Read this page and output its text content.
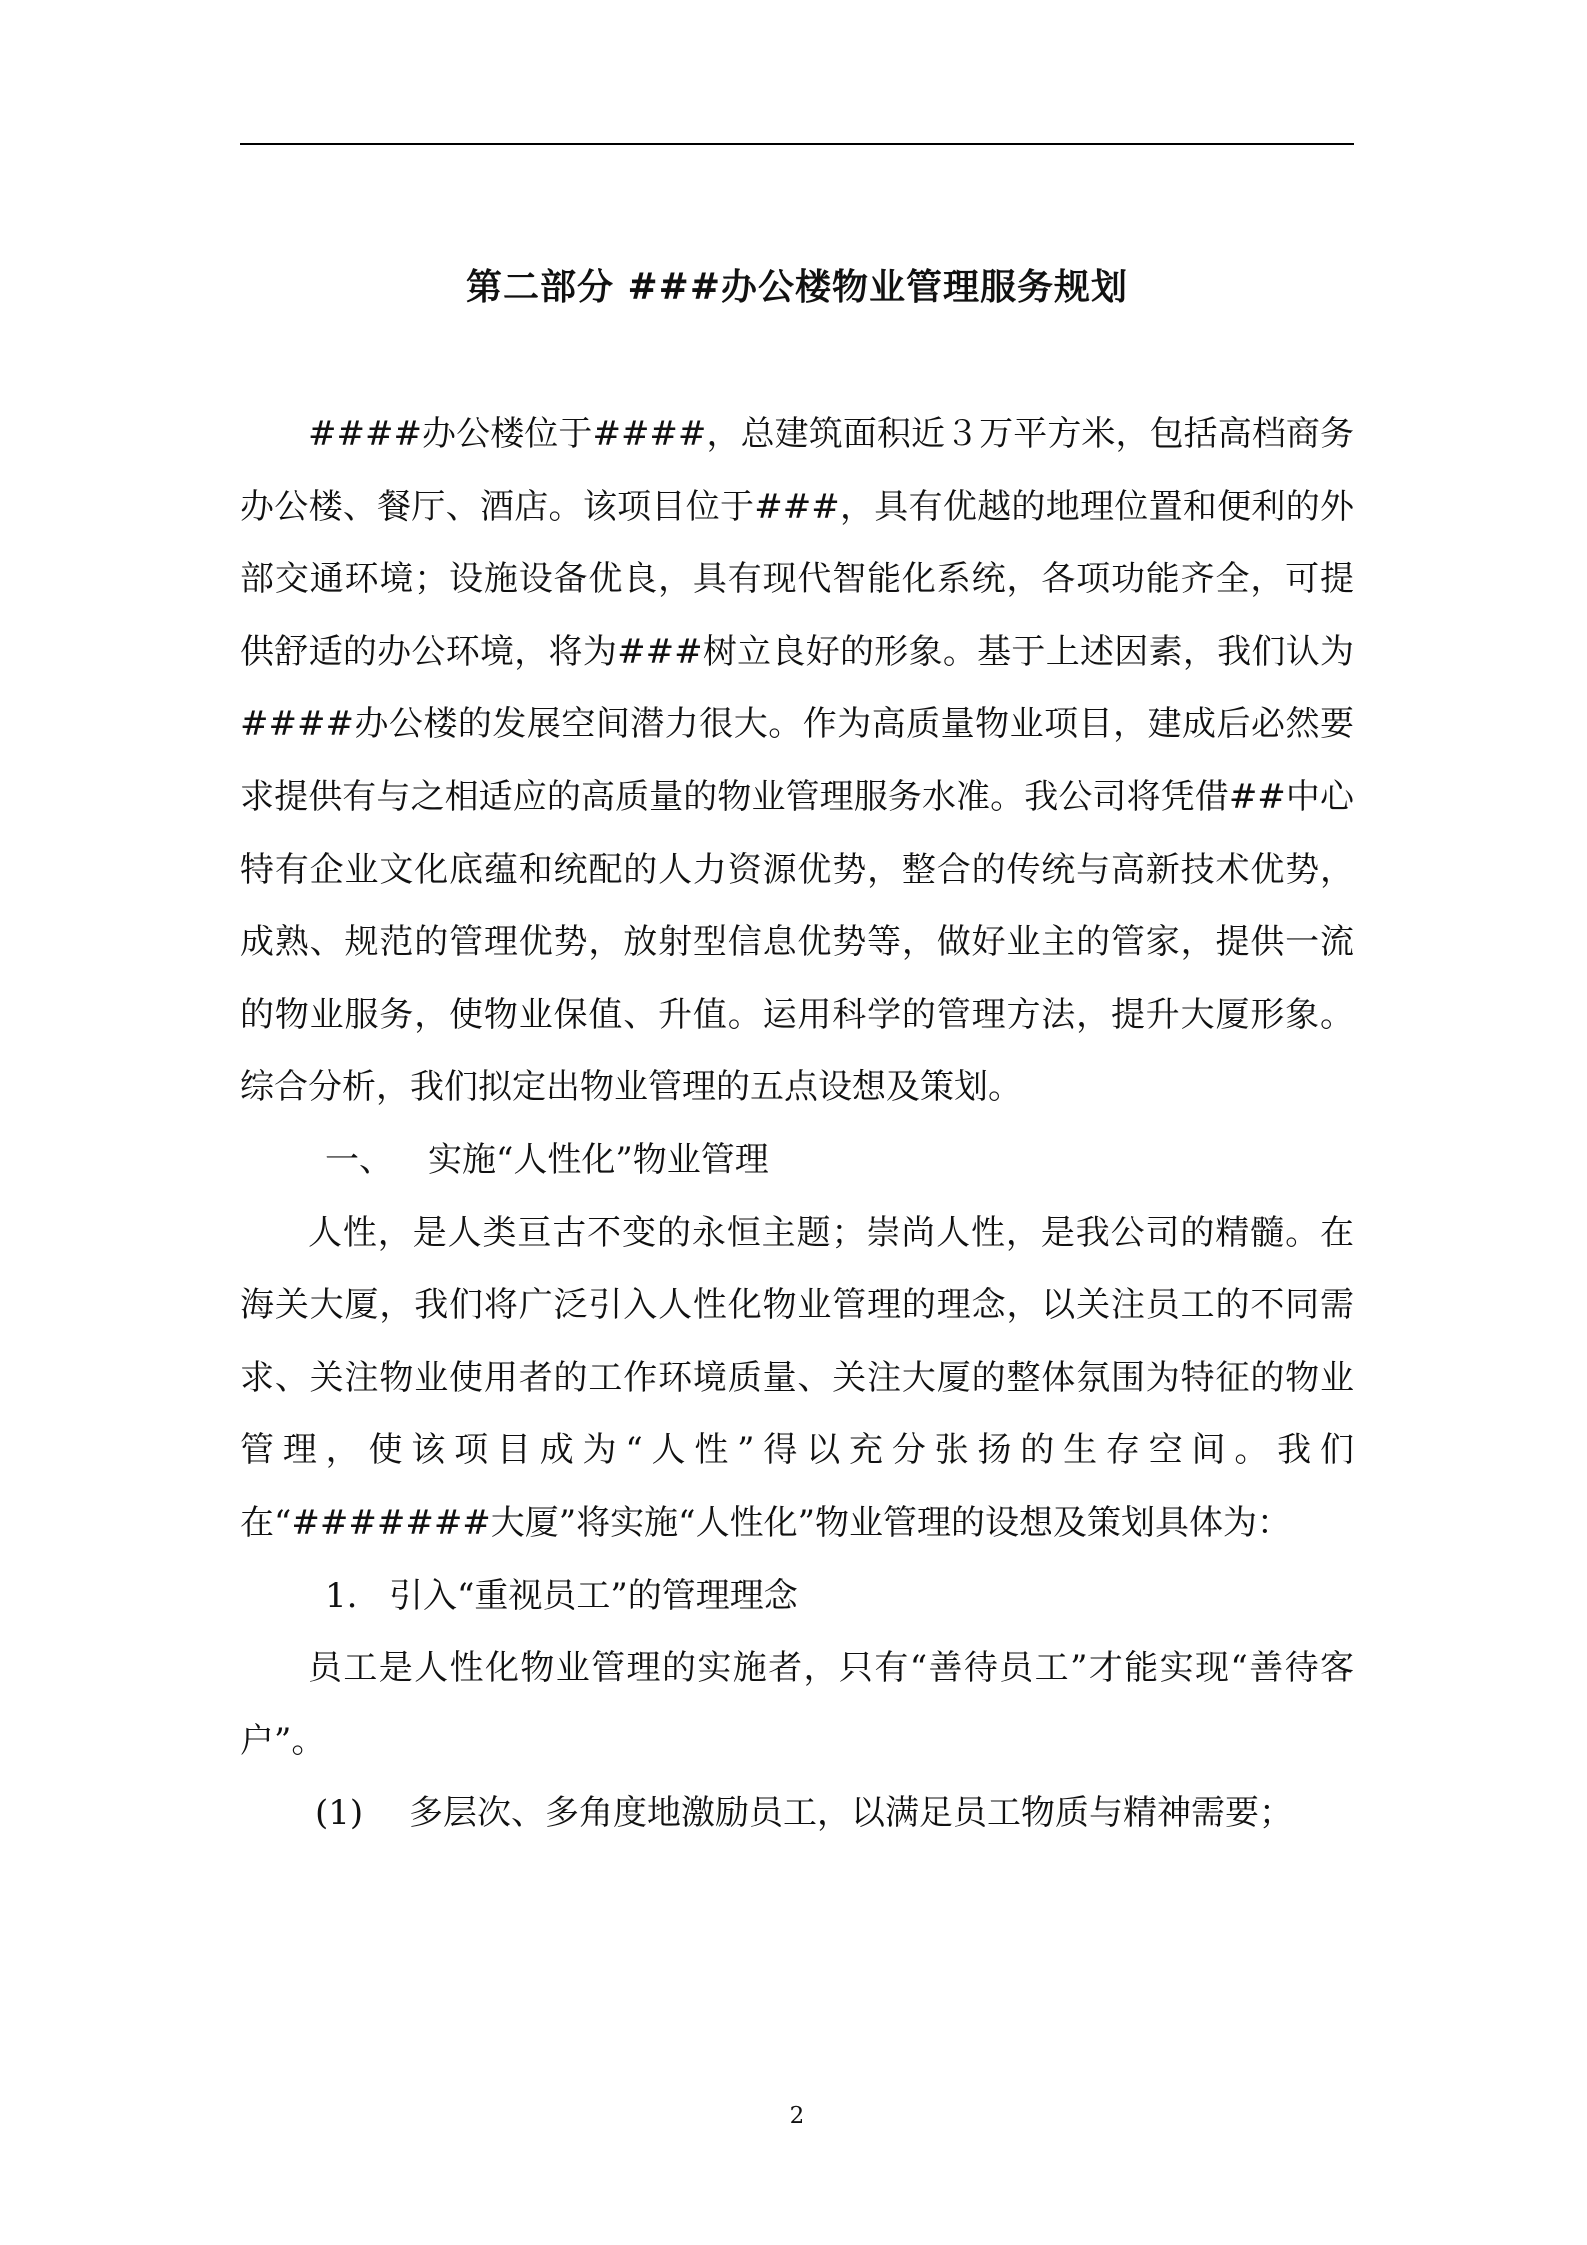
第二部分 ###办公楼物业管理服务规划

####办公楼位于####，总建筑面积近３万平方米，包括高档商务办公楼、餐厅、酒店。该项目位于###，具有优越的地理位置和便利的外部交通环境；设施设备优良，具有现代智能化系统，各项功能齐全，可提供舒适的办公环境，将为###树立良好的形象。基于上述因素，我们认为####办公楼的发展空间潜力很大。作为高质量物业项目，建成后必然要求提供有与之相适应的高质量的物业管理服务水准。我公司将凭借##中心特有企业文化底蕴和统配的人力资源优势，整合的传统与高新技术优势，成熟、规范的管理优势，放射型信息优势等，做好业主的管家，提供一流的物业服务，使物业保值、升值。运用科学的管理方法，提升大厦形象。综合分析，我们拟定出物业管理的五点设想及策划。

一、 实施“人性化”物业管理

人性，是人类亘古不变的永恒主题；崇尚人性，是我公司的精髓。在海关大厦，我们将广泛引入人性化物业管理的理念，以关注员工的不同需求、关注物业使用者的工作环境质量、关注大厦的整体氛围为特征的物业管理，使该项目成为“人性”得以充分张扬的生存空间。我们在“#######大厦”将实施“人性化”物业管理的设想及策划具体为：

1. 引入“重视员工”的管理理念

员工是人性化物业管理的实施者，只有“善待员工”才能实现“善待客户”。

(1) 多层次、多角度地激励员工，以满足员工物质与精神需要；

2
